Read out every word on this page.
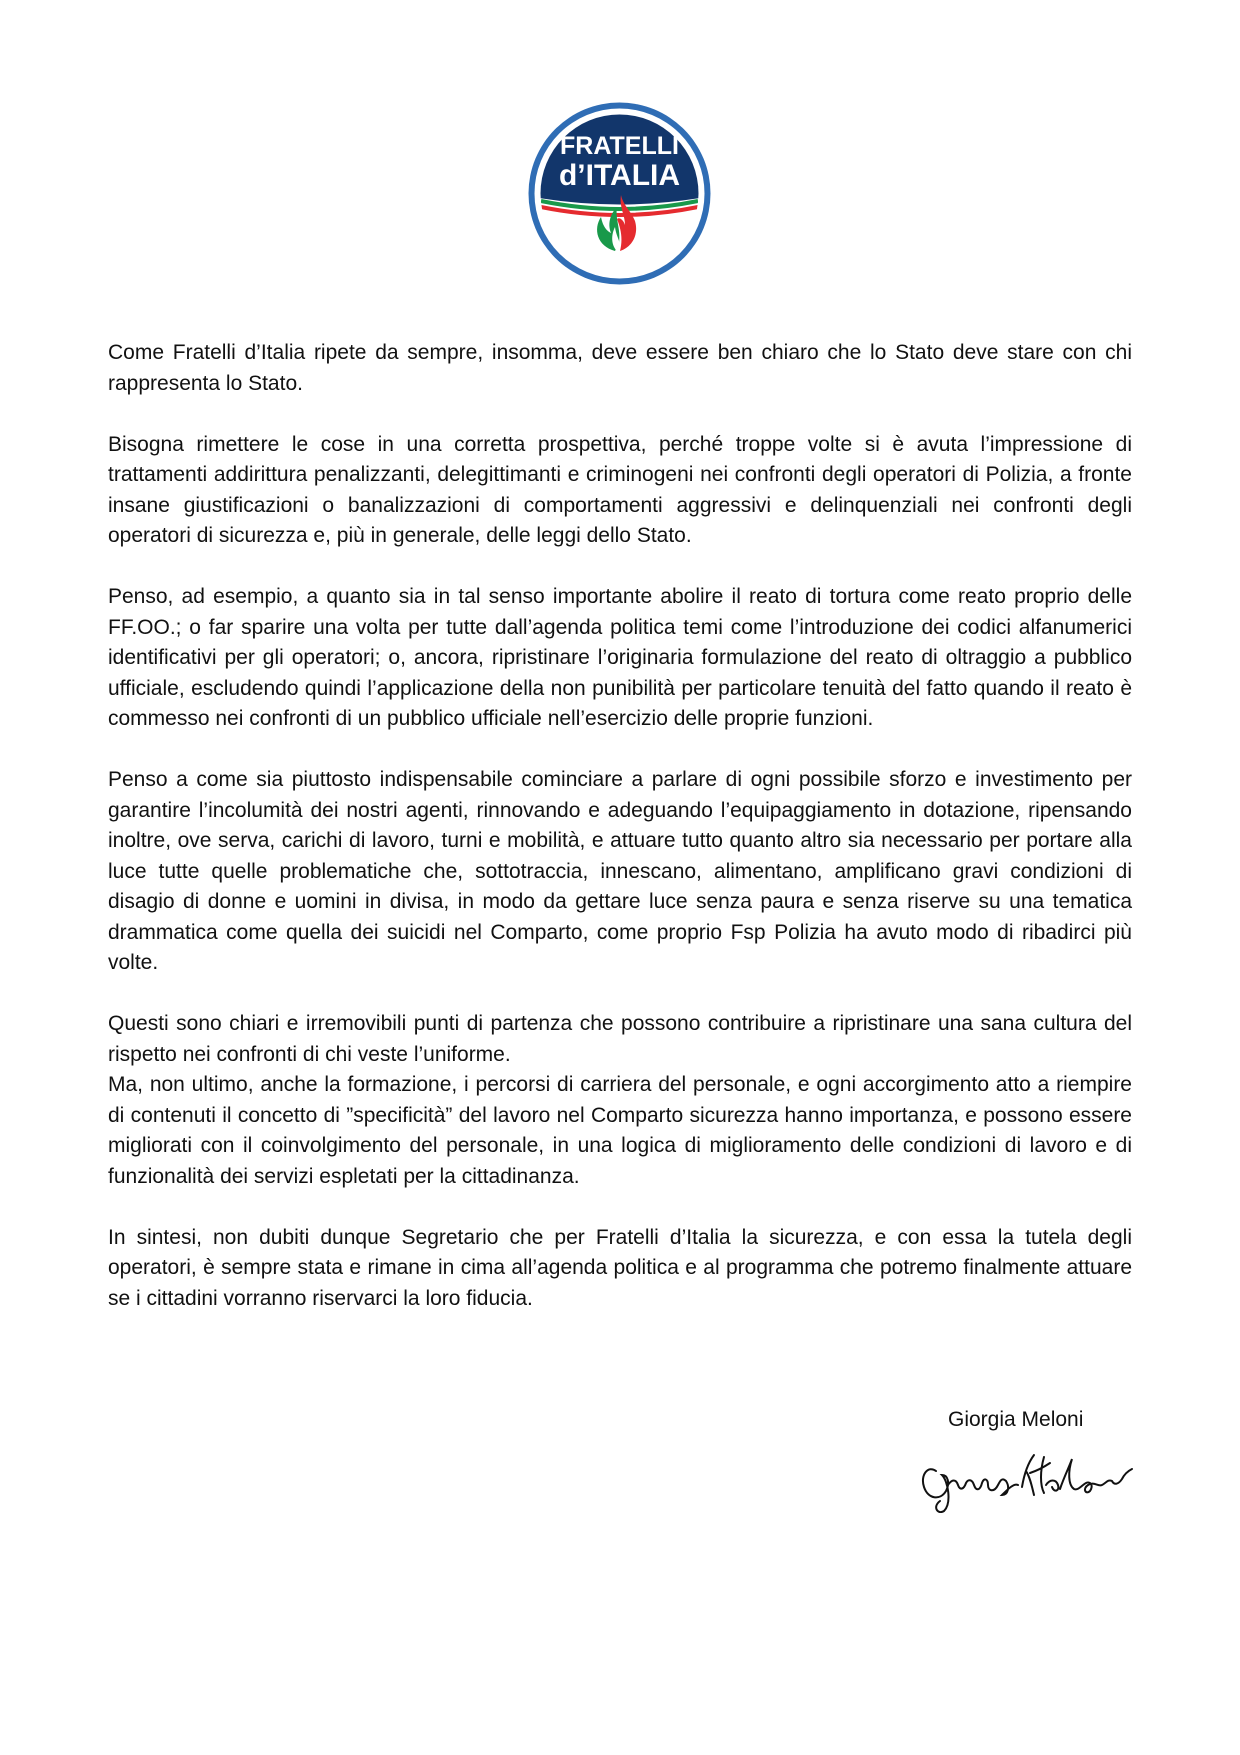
FRATELLI
d’ITALIA

Come Fratelli d’Italia ripete da sempre, insomma, deve essere ben chiaro che lo Stato deve stare con chi rappresenta lo Stato.

Bisogna rimettere le cose in una corretta prospettiva, perché troppe volte si è avuta l’impressione di trattamenti addirittura penalizzanti, delegittimanti e criminogeni nei confronti degli operatori di Polizia, a fronte insane giustificazioni o banalizzazioni di comportamenti aggressivi e delinquenziali nei confronti degli operatori di sicurezza e, più in generale, delle leggi dello Stato.

Penso, ad esempio, a quanto sia in tal senso importante abolire il reato di tortura come reato proprio delle FF.OO.; o far sparire una volta per tutte dall’agenda politica temi come l’introduzione dei codici alfanumerici identificativi per gli operatori; o, ancora, ripristinare l’originaria formulazione del reato di oltraggio a pubblico ufficiale, escludendo quindi l’applicazione della non punibilità per particolare tenuità del fatto quando il reato è commesso nei confronti di un pubblico ufficiale nell’esercizio delle proprie funzioni.

Penso a come sia piuttosto indispensabile cominciare a parlare di ogni possibile sforzo e investimento per garantire l’incolumità dei nostri agenti, rinnovando e adeguando l’equipaggiamento in dotazione, ripensando inoltre, ove serva, carichi di lavoro, turni e mobilità, e attuare tutto quanto altro sia necessario per portare alla luce tutte quelle problematiche che, sottotraccia, innescano, alimentano, amplificano gravi condizioni di disagio di donne e uomini in divisa, in modo da gettare luce senza paura e senza riserve su una tematica drammatica come quella dei suicidi nel Comparto, come proprio Fsp Polizia ha avuto modo di ribadirci più volte.

Questi sono chiari e irremovibili punti di partenza che possono contribuire a ripristinare una sana cultura del rispetto nei confronti di chi veste l’uniforme.

Ma, non ultimo, anche la formazione, i percorsi di carriera del personale, e ogni accorgimento atto a riempire di contenuti il concetto di ”specificità” del lavoro nel Comparto sicurezza hanno importanza, e possono essere migliorati con il coinvolgimento del personale, in una logica di miglioramento delle condizioni di lavoro e di funzionalità dei servizi espletati per la cittadinanza.

In sintesi, non dubiti dunque Segretario che per Fratelli d’Italia la sicurezza, e con essa la tutela degli operatori, è sempre stata e rimane in cima all’agenda politica e al programma che potremo finalmente attuare se i cittadini vorranno riservarci la loro fiducia.

Giorgia Meloni
